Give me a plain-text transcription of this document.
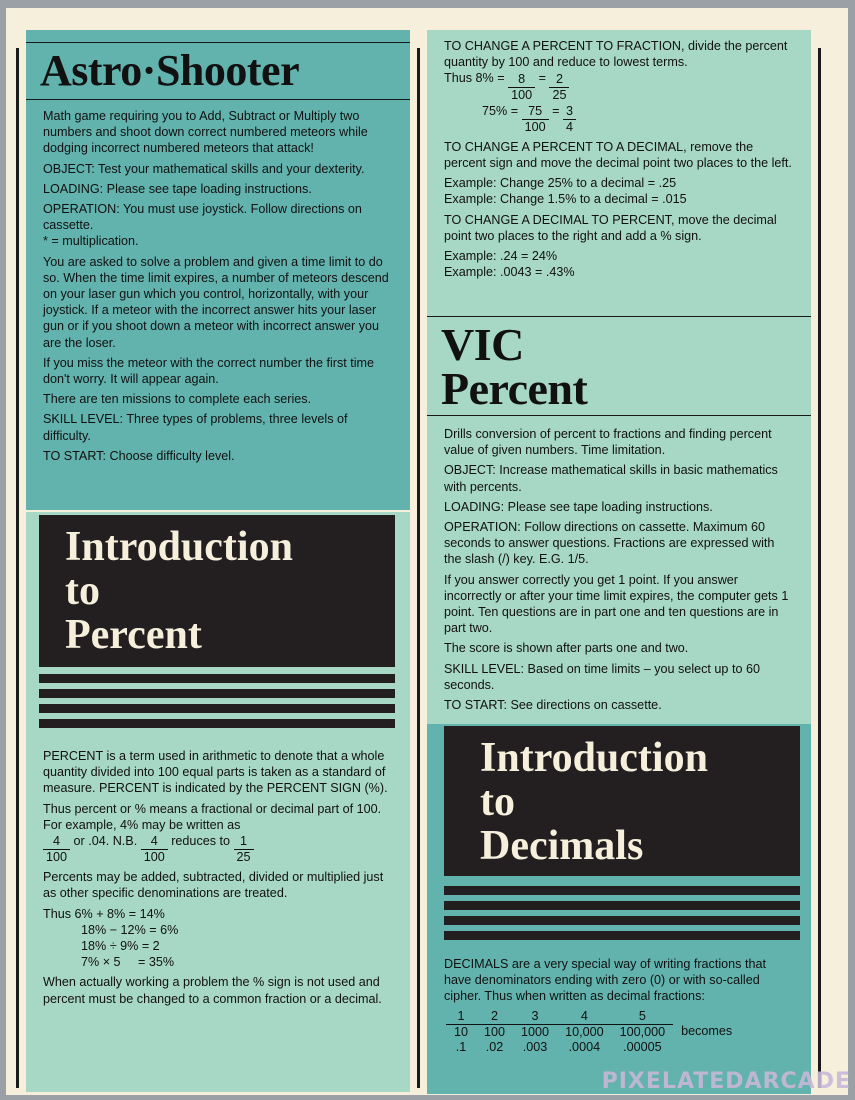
Astro·Shooter

Math game requiring you to Add, Subtract or Multiply two numbers and shoot down correct numbered meteors while dodging incorrect numbered meteors that attack!

OBJECT: Test your mathematical skills and your dexterity.

LOADING: Please see tape loading instructions.

OPERATION: You must use joystick. Follow directions on cassette.

* = multiplication.

You are asked to solve a problem and given a time limit to do so. When the time limit expires, a number of meteors descend on your laser gun which you control, horizontally, with your joystick. If a meteor with the incorrect answer hits your laser gun or if you shoot down a meteor with incorrect answer you are the loser.

If you miss the meteor with the correct number the first time don't worry. It will appear again.

There are ten missions to complete each series.

SKILL LEVEL: Three types of problems, three levels of difficulty.

TO START: Choose difficulty level.

Introduction
to
Percent

PERCENT is a term used in arithmetic to denote that a whole quantity divided into 100 equal parts is taken as a standard of measure. PERCENT is indicated by the PERCENT SIGN (%).

Thus percent or % means a fractional or decimal part of 100. For example, 4% may be written as

$\frac{4}{100}$ or .04. N.B. $\frac{4}{100}$ reduces to $\frac{1}{25}$

Percents may be added, subtracted, divided or multiplied just as other specific denominations are treated.

Thus 6% + 8% = 14%
18% − 12% = 6%
18% ÷ 9% = 2
7% × 5     = 35%

When actually working a problem the % sign is not used and percent must be changed to a common fraction or a decimal.

TO CHANGE A PERCENT TO FRACTION, divide the percent quantity by 100 and reduce to lowest terms.

Thus $8\% = \frac{8}{100} = \frac{2}{25}$
$75\% = \frac{75}{100} = \frac{3}{4}$

TO CHANGE A PERCENT TO A DECIMAL, remove the percent sign and move the decimal point two places to the left.

Example: Change 25% to a decimal = .25
Example: Change 1.5% to a decimal = .015

TO CHANGE A DECIMAL TO PERCENT, move the decimal point two places to the right and add a % sign.

Example: .24 = 24%
Example: .0043 = .43%
VIC
Percent

Drills conversion of percent to fractions and finding percent value of given numbers. Time limitation.

OBJECT: Increase mathematical skills in basic mathematics with percents.

LOADING: Please see tape loading instructions.

OPERATION: Follow directions on cassette. Maximum 60 seconds to answer questions. Fractions are expressed with the slash (/) key. E.G. 1/5.

If you answer correctly you get 1 point. If you answer incorrectly or after your time limit expires, the computer gets 1 point. Ten questions are in part one and ten questions are in part two.

The score is shown after parts one and two.

SKILL LEVEL: Based on time limits – you select up to 60 seconds.

TO START: See directions on cassette.

Introduction
to
Decimals

DECIMALS are a very special way of writing fractions that have denominators ending with zero (0) or with so-called cipher. Thus when written as decimal fractions:

1	2	3	4	5	
10	100	1000	10,000	100,000	becomes
.1	.02	.003	.0004	.00005	
PIXELATEDARCADE
